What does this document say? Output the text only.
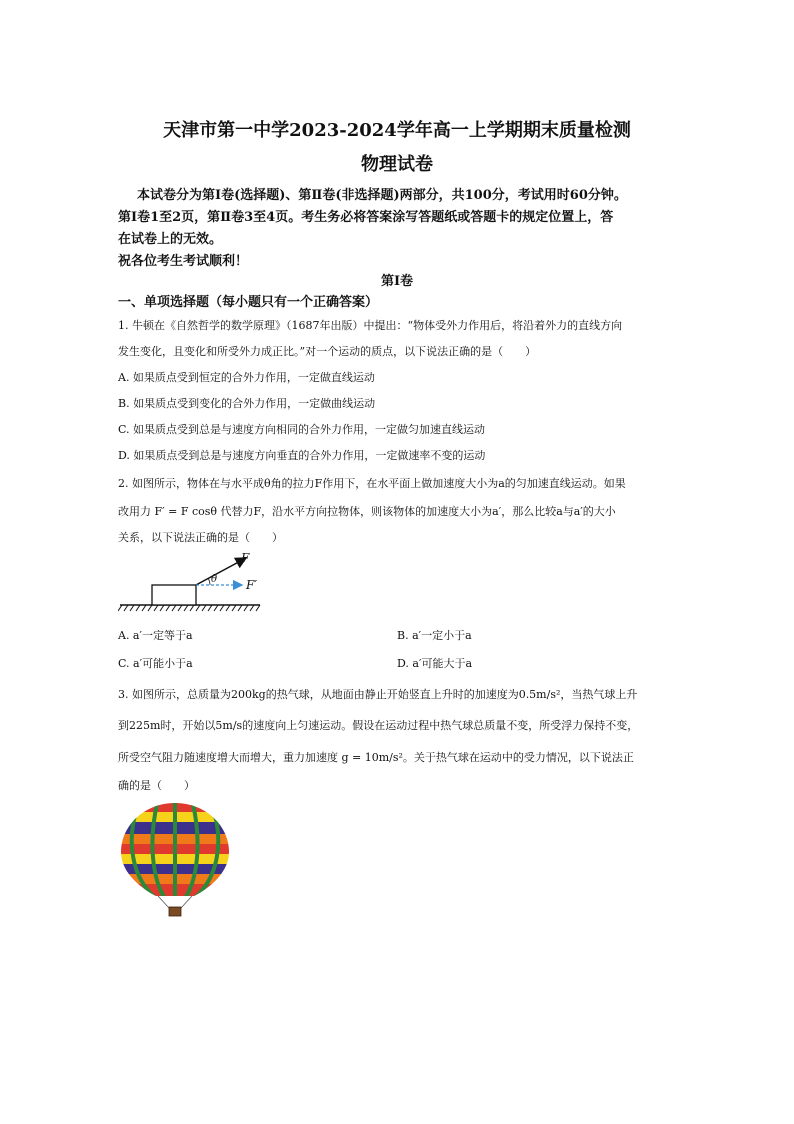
天津市第一中学2023-2024学年高一上学期期末质量检测
物理试卷
本试卷分为第Ⅰ卷(选择题)、第Ⅱ卷(非选择题)两部分，共100分，考试用时60分钟。
第Ⅰ卷1至2页，第Ⅱ卷3至4页。考生务必将答案涂写答题纸或答题卡的规定位置上，答
在试卷上的无效。
祝各位考生考试顺利！
第Ⅰ卷
一、单项选择题（每小题只有一个正确答案）
1. 牛顿在《自然哲学的数学原理》（1687年出版）中提出：“物体受外力作用后，将沿着外力的直线方向
发生变化，且变化和所受外力成正比。”对一个运动的质点，以下说法正确的是（　　）
A. 如果质点受到恒定的合外力作用，一定做直线运动
B. 如果质点受到变化的合外力作用，一定做曲线运动
C. 如果质点受到总是与速度方向相同的合外力作用，一定做匀加速直线运动
D. 如果质点受到总是与速度方向垂直的合外力作用，一定做速率不变的运动
2. 如图所示，物体在与水平成θ角的拉力F作用下，在水平面上做加速度大小为a的匀加速直线运动。如果
改用力 F′ = F cosθ 代替力F，沿水平方向拉物体，则该物体的加速度大小为a′，那么比较a与a′的大小
关系，以下说法正确的是（　　）
F
θ F′
A. a′一定等于a	B. a′一定小于a
C. a′可能小于a	D. a′可能大于a
3. 如图所示，总质量为200kg的热气球，从地面由静止开始竖直上升时的加速度为0.5m/s²，当热气球上升
到225m时，开始以5m/s的速度向上匀速运动。假设在运动过程中热气球总质量不变，所受浮力保持不变，
所受空气阻力随速度增大而增大，重力加速度 g = 10m/s²。关于热气球在运动中的受力情况，以下说法正
确的是（　　）
